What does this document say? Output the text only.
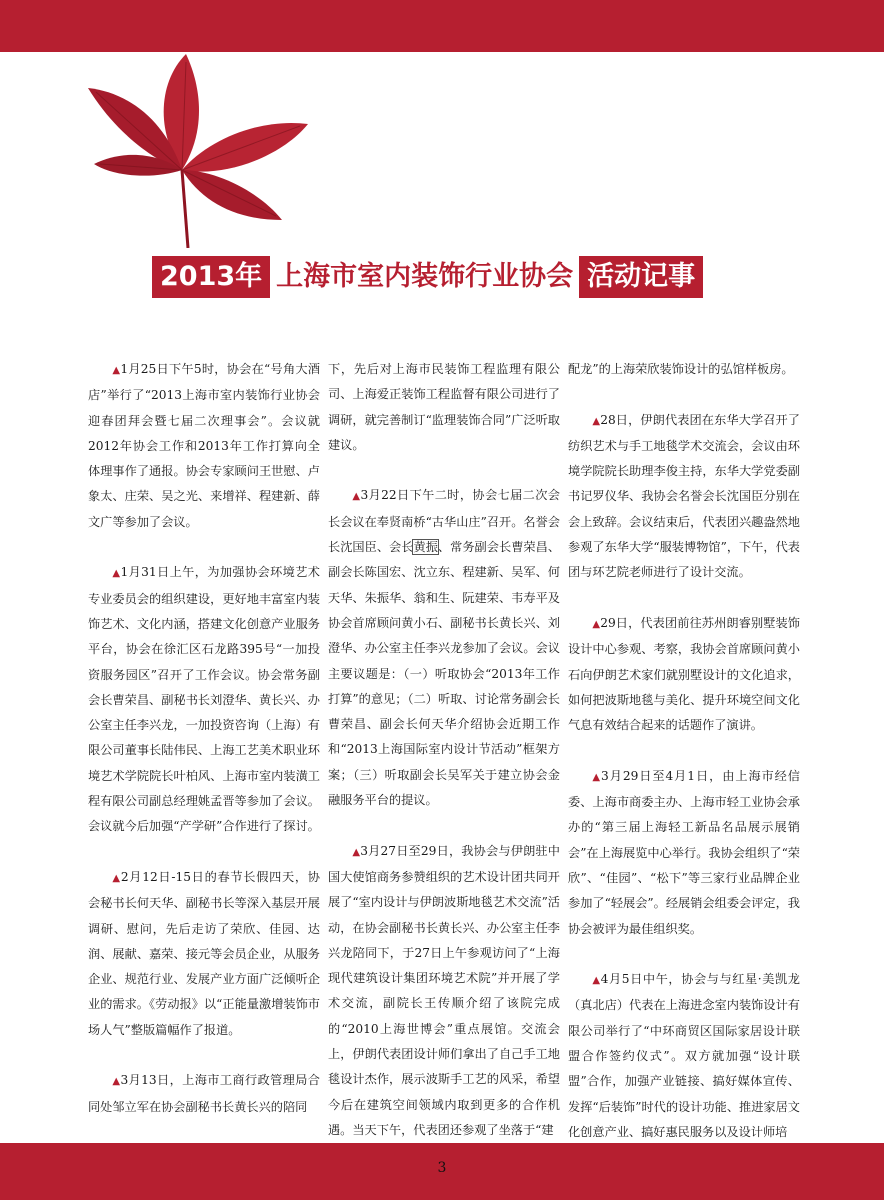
2013年 上海市室内装饰行业协会 活动记事

▲1月25日下午5时，协会在“号角大酒店”举行了“2013上海市室内装饰行业协会迎春团拜会暨七届二次理事会”。会议就2012年协会工作和2013年工作打算向全体理事作了通报。协会专家顾问王世慰、卢象太、庄荣、吴之光、来增祥、程建新、薛文广等参加了会议。

▲1月31日上午，为加强协会环境艺术专业委员会的组织建设，更好地丰富室内装饰艺术、文化内涵，搭建文化创意产业服务平台，协会在徐汇区石龙路395号“一加投资服务园区”召开了工作会议。协会常务副会长曹荣昌、副秘书长刘澄华、黄长兴、办公室主任李兴龙，一加投资咨询（上海）有限公司董事长陆伟民、上海工艺美术职业环境艺术学院院长叶柏风、上海市室内装潢工程有限公司副总经理姚孟晋等参加了会议。会议就今后加强“产学研”合作进行了探讨。

▲2月12日-15日的春节长假四天，协会秘书长何天华、副秘书长等深入基层开展调研、慰问，先后走访了荣欣、佳园、达润、展献、嘉荣、接元等会员企业，从服务企业、规范行业、发展产业方面广泛倾听企业的需求。《劳动报》以“正能量激增装饰市场人气”整版篇幅作了报道。

▲3月13日，上海市工商行政管理局合同处邹立军在协会副秘书长黄长兴的陪同

下，先后对上海市民装饰工程监理有限公司、上海爱正装饰工程监督有限公司进行了调研，就完善制订“监理装饰合同”广泛听取建议。

▲3月22日下午二时，协会七届二次会长会议在奉贤南桥“古华山庄”召开。名誉会长沈国臣、会长黄振、常务副会长曹荣昌、副会长陈国宏、沈立东、程建新、吴军、何天华、朱振华、翁和生、阮建荣、韦寿平及协会首席顾问黄小石、副秘书长黄长兴、刘澄华、办公室主任李兴龙参加了会议。会议主要议题是：（一）听取协会“2013年工作打算”的意见；（二）听取、讨论常务副会长曹荣昌、副会长何天华介绍协会近期工作和“2013上海国际室内设计节活动”框架方案；（三）听取副会长吴军关于建立协会金融服务平台的提议。

▲3月27日至29日，我协会与伊朗驻中国大使馆商务参赞组织的艺术设计团共同开展了“室内设计与伊朗波斯地毯艺术交流”活动，在协会副秘书长黄长兴、办公室主任李兴龙陪同下，于27日上午参观访问了“上海现代建筑设计集团环境艺术院”并开展了学术交流，副院长王传顺介绍了该院完成的“2010上海世博会”重点展馆。交流会上，伊朗代表团设计师们拿出了自己手工地毯设计杰作，展示波斯手工艺的风采，希望今后在建筑空间领域内取到更多的合作机遇。当天下午，代表团还参观了坐落于“建

配龙”的上海荣欣装饰设计的弘馆样板房。

▲28日，伊朗代表团在东华大学召开了纺织艺术与手工地毯学术交流会，会议由环境学院院长助理李俊主持，东华大学党委副书记罗仪华、我协会名誉会长沈国臣分别在会上致辞。会议结束后，代表团兴趣盎然地参观了东华大学“服装博物馆”，下午，代表团与环艺院老师进行了设计交流。

▲29日，代表团前往苏州朗睿别墅装饰设计中心参观、考察，我协会首席顾问黄小石向伊朗艺术家们就别墅设计的文化追求，如何把波斯地毯与美化、提升环境空间文化气息有效结合起来的话题作了演讲。

▲3月29日至4月1日，由上海市经信委、上海市商委主办、上海市轻工业协会承办的“第三届上海轻工新品名品展示展销会”在上海展览中心举行。我协会组织了“荣欣”、“佳园”、“松下”等三家行业品牌企业参加了“轻展会”。经展销会组委会评定，我协会被评为最佳组织奖。

▲4月5日中午，协会与与红星·美凯龙（真北店）代表在上海进念室内装饰设计有限公司举行了“中环商贸区国际家居设计联盟合作签约仪式”。双方就加强“设计联盟”合作，加强产业链接、搞好媒体宣传、发挥“后装饰”时代的设计功能、推进家居文化创意产业、搞好惠民服务以及设计师培

3
